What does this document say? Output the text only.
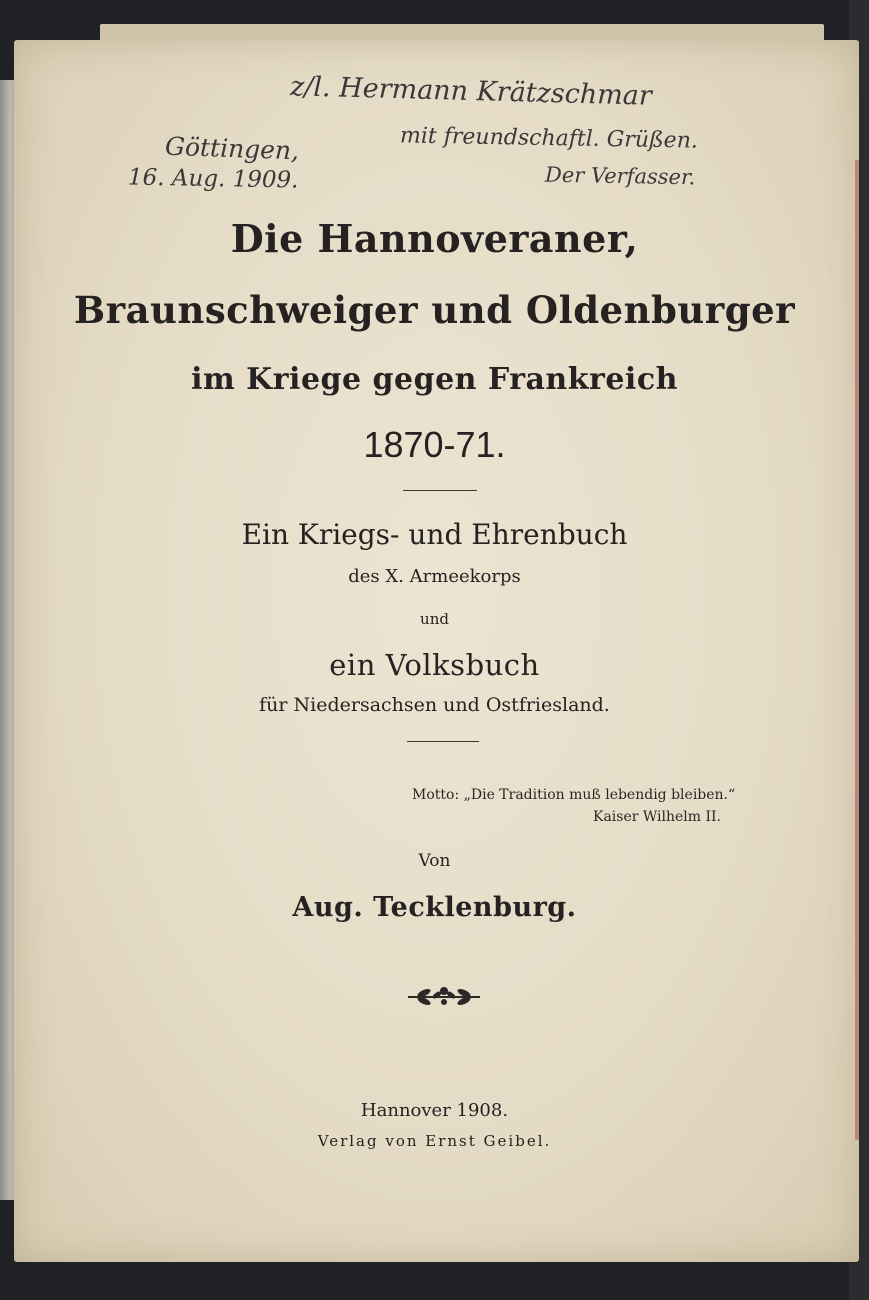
z/l. Hermann Krätzschmar
mit freundschaftl. Grüßen.
Der Verfasser.
Göttingen,
16. Aug. 1909.
Die Hannoveraner,
Braunschweiger und Oldenburger
im Kriege gegen Frankreich
1870-71.
Ein Kriegs- und Ehrenbuch
des X. Armeekorps
und
ein Volksbuch
für Niedersachsen und Ostfriesland.
Motto: „Die Tradition muß lebendig bleiben.“
Kaiser Wilhelm II.
Von
Aug. Tecklenburg.
Hannover 1908.
Verlag von Ernst Geibel.
